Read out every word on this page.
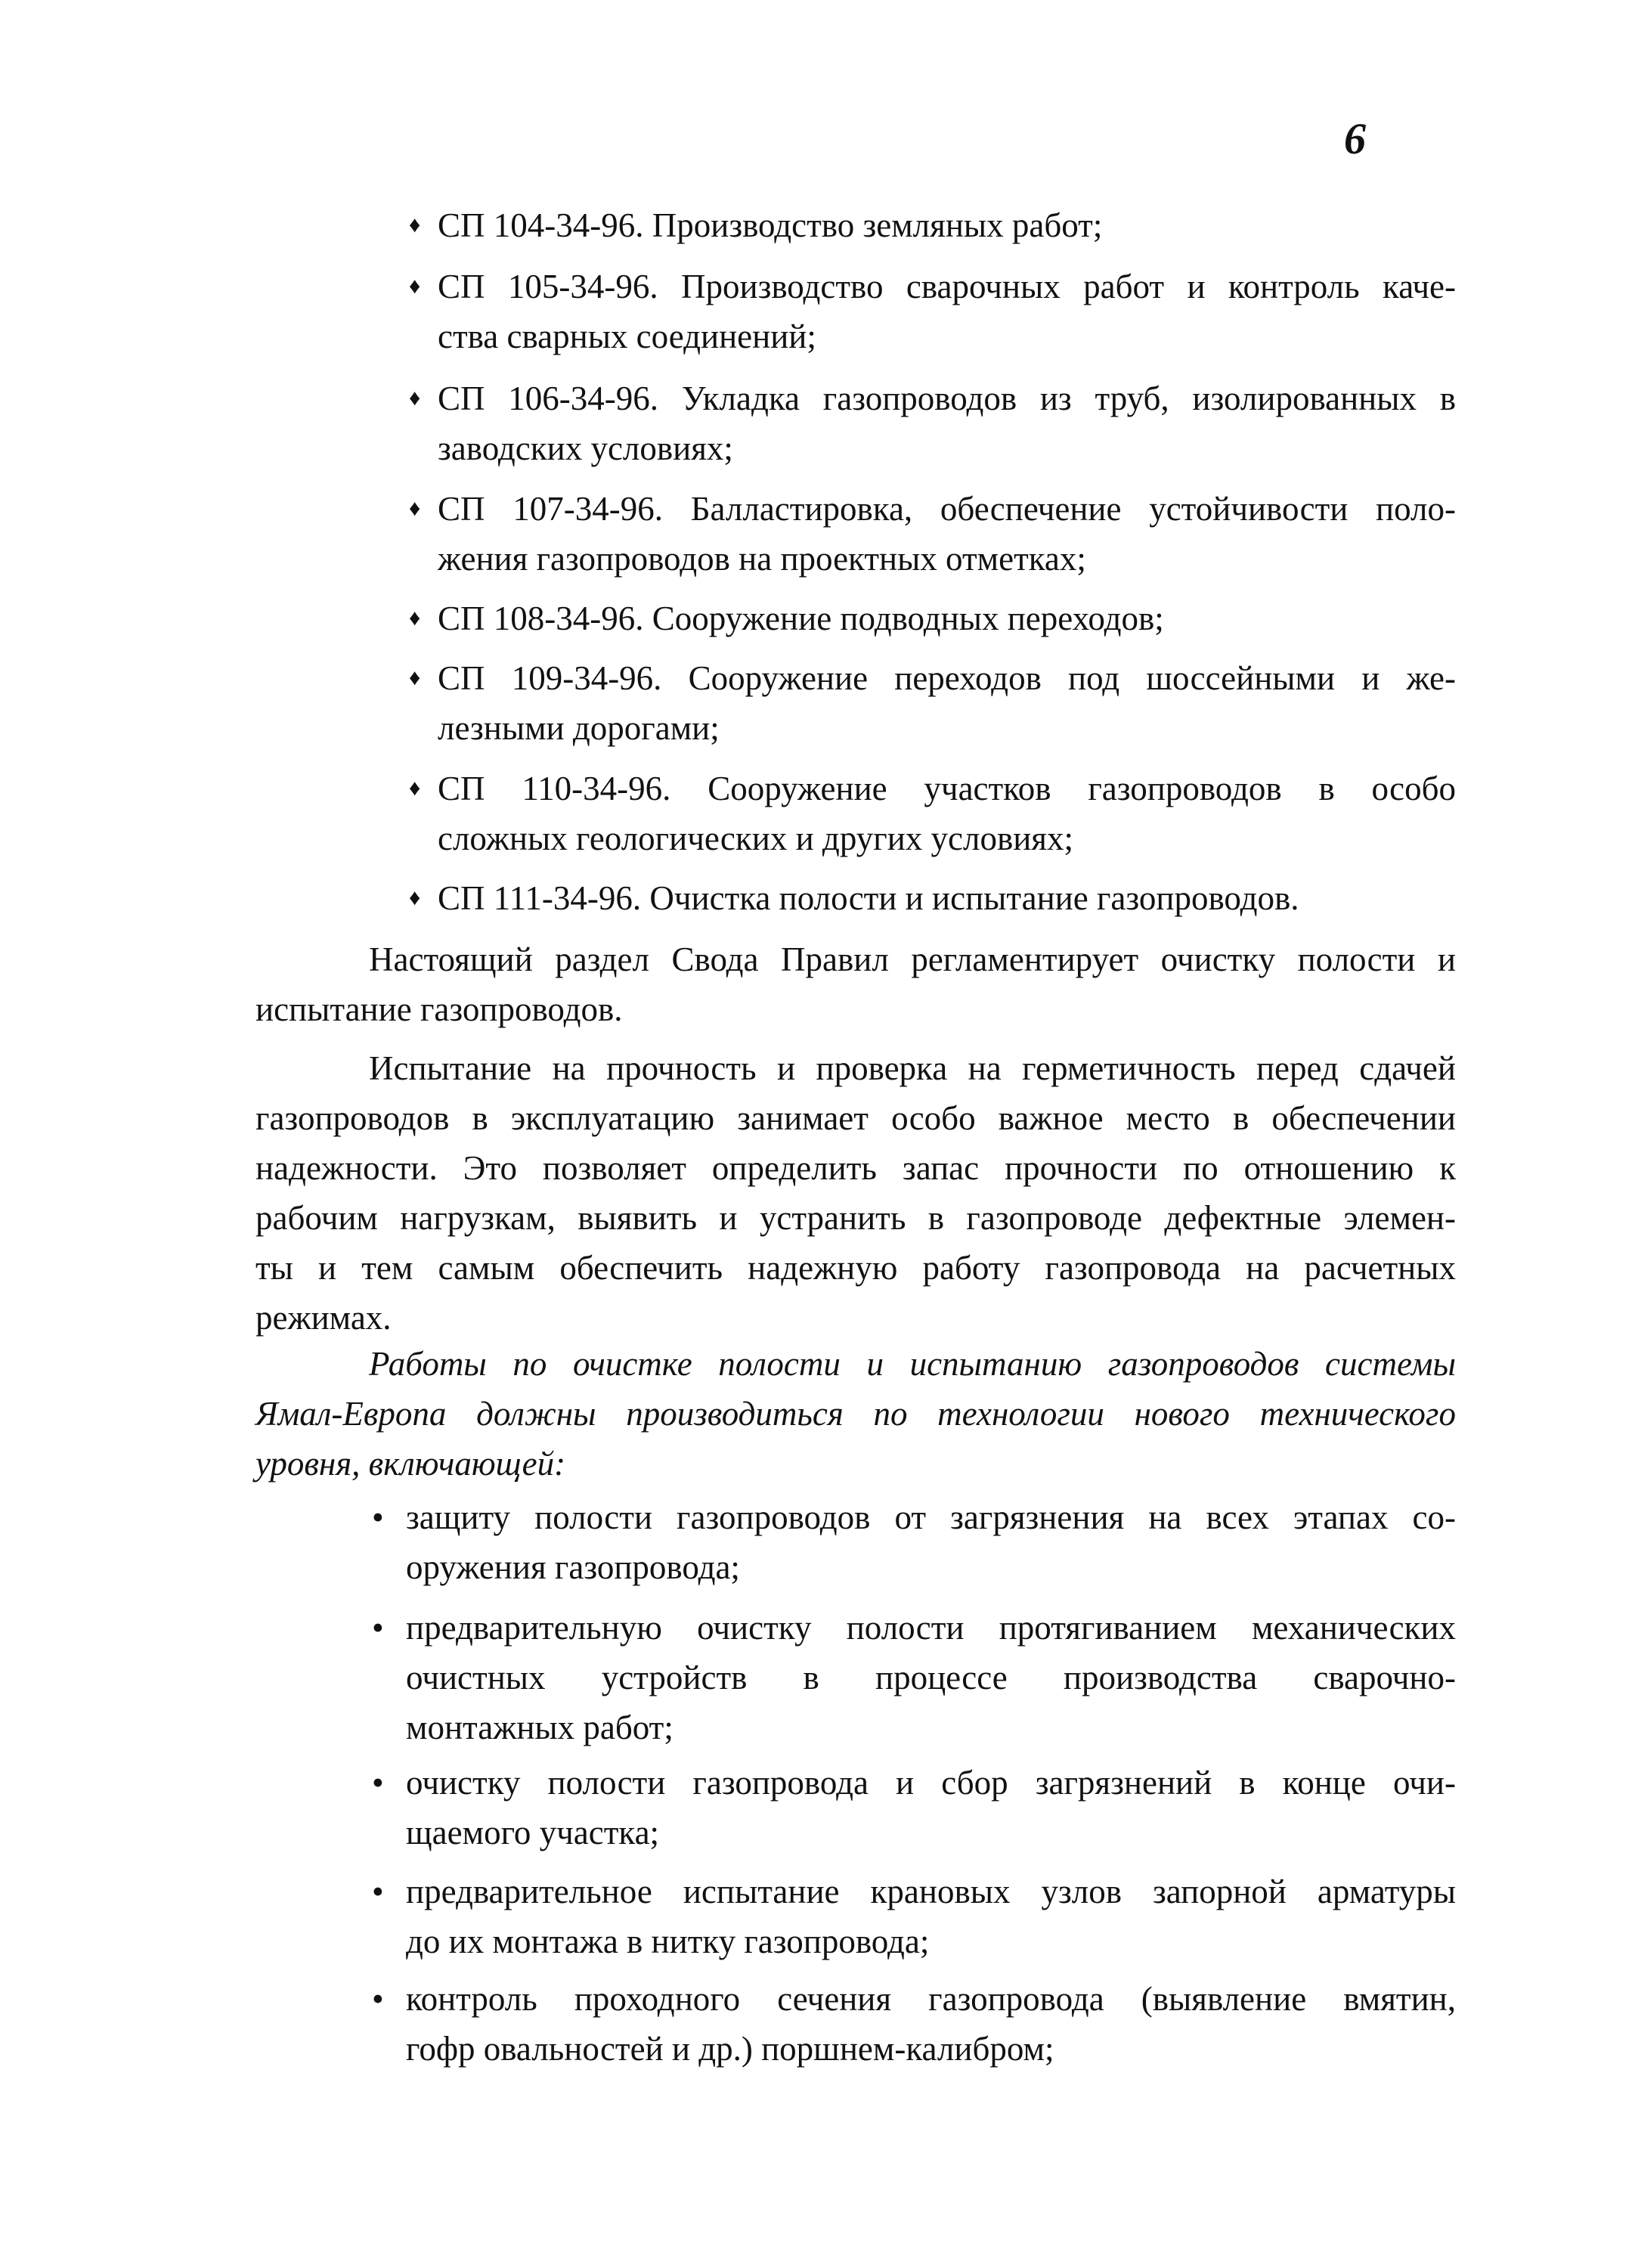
6
♦ СП 104-34-96. Производство земляных работ;
♦ СП 105-34-96. Производство сварочных работ и контроль каче-
ства сварных соединений;
♦ СП 106-34-96. Укладка газопроводов из труб, изолированных в
заводских условиях;
♦ СП 107-34-96. Балластировка, обеспечение устойчивости поло-
жения газопроводов на проектных отметках;
♦ СП 108-34-96. Сооружение подводных переходов;
♦ СП 109-34-96. Сооружение переходов под шоссейными и же-
лезными дорогами;
♦ СП 110-34-96. Сооружение участков газопроводов в особо
сложных геологических и других условиях;
♦ СП 111-34-96. Очистка полости и испытание газопроводов.
Настоящий раздел Свода Правил регламентирует очистку полости и
испытание газопроводов.
Испытание на прочность и проверка на герметичность перед сдачей
газопроводов в эксплуатацию занимает особо важное место в обеспечении
надежности. Это позволяет определить запас прочности по отношению к
рабочим нагрузкам, выявить и устранить в газопроводе дефектные элемен-
ты и тем самым обеспечить надежную работу газопровода на расчетных
режимах.
Работы по очистке полости и испытанию газопроводов системы
Ямал-Европа должны производиться по технологии нового технического
уровня, включающей:
• защиту полости газопроводов от загрязнения на всех этапах со-
оружения газопровода;
• предварительную очистку полости протягиванием механических
очистных устройств в процессе производства сварочно-
монтажных работ;
• очистку полости газопровода и сбор загрязнений в конце очи-
щаемого участка;
• предварительное испытание крановых узлов запорной арматуры
до их монтажа в нитку газопровода;
• контроль проходного сечения газопровода (выявление вмятин,
гофр овальностей и др.) поршнем-калибром;
